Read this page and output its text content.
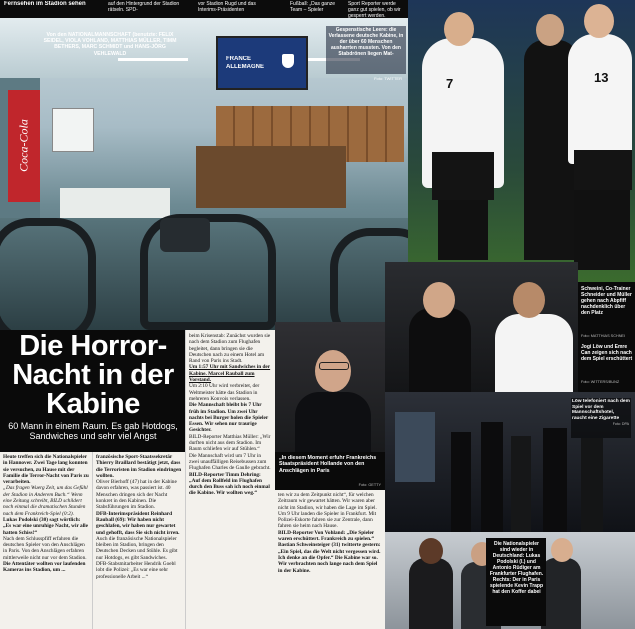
Fernsehen im Stadion sehen	auf den Hintergrund der Stadion rätseln. SPD-
vor Stadion Rugd und das Interims-Präsidenten
Fußball: „Das ganze Team – Spieler
Sport Reporter werde ganz gut spielen, ob wir gesperrt werden.
Coca-Cola
FRANCE
ALLEMAGNE
Von den NATIONALMANNSCHAFT (benutzte: FELIX SEIDEL, VIOLA VOHLAND, MATTHIAS MÜLLER, TIMM BETHERS, MARC SCHMIDT und HANS-JÖRG VEHLEWALD
7	13
Gespenstische Leere: die Verlassene deutsche Kabine, in der über 60 Menschen ausharrten mussten. Von den Stabdrönen liegen Mat-
Foto: TWITTER
Schweini, Co-Trainer Schneider und Müller gehen nach Abpfiff nachdenklich über den Platz
Foto: MATTHIAS SCHNEI
Jogi Löw und Emre Can zeigen sich nach dem Spiel erschüttert
Foto: WITTERS/BUNZ
Die Horror-Nacht in der Kabine
60 Mann in einem Raum. Es gab Hotdogs, Sandwiches und sehr viel Angst
Heute treffen sich die Nationalspieler in Hannover. Zwei Tage lang konnten sie versuchen, zu Hause mit der Familie die Terror-Nacht von Paris zu verarbeiten.
„Das fragen Wuerg Zeit, um das Gefühl der Stadion in Anderem Buch.“ Wenn eine Zeitung schreibt, BILD schildert noch einmal die dramatischen Stunden nach dem Frankreich-Spiel (0:2).
Lukas Podolski (30) sagt wörtlich: „Es war eine unruhige Nacht, wir alle hatten Schiss!“
Nach dem Schlusspfiff erfahren die deutschen Spieler von den Anschlägen in Paris. Von den Anschlägen erfahren mittlerweile nicht nur vor dem Stadion.
Die Attentäter wollten vor laufenden Kameras ins Stadion, um ...
französische Sport-Staatssekretär Thierry Braillard bestätigt jetzt, dass die Terroristen im Stadion eindringen wollten.
Oliver Bierhoff (47) hat in der Kabine davon erfahren, was passiert ist. 40 Menschen dringen sich der Nacht konkret in den Kabinen. Die Stabsführungen im Stadion.
DFB-Interimspräsident Reinhard Rauball (69): Wir haben nicht geschlafen, wir haben nur gewartet und gehofft, dass Sie sich nicht irren.
Auch die französische Nationalspieler bleiben im Stadion, bringen den Deutschen Decken und Stühle. Es gibt nur Hotdogs, es gibt Sandwiches.
DFB-Stabsmitarbeiter Hendrik Goebl lobt die Polizei: „Es war eine sehr professionelle Arbeit ...“
beim Krisenstab: Zunächst wurden sie nach dem Stadion zum Flughafen begleitet, dann bringen sie die Deutschen nach zu einem Hotel am Rand von Paris ins Stadt.
Um 1:57 Uhr mit Sandwiches in der Kabine. Marcel Rauball zum Vorstand.
Um 2:10 Uhr wird verbreitet, der Weltmeister hätte das Stadion in mehreren Konvois verlassen.
Die Mannschaft bleibt bis 7 Uhr früh im Stadion. Um zwei Uhr nachts bei Burger holen die Spieler Essen. Wir sehen nur traurige Gesichter.
BILD-Reporter Matthias Müller: „Wir durften nicht aus dem Stadion. Im Raum schliefen wir auf Stühlen.“
Die Mannschaft wird um 7 Uhr in zwei unauffälligen Reisebussen zum Flughafen Charles de Gaulle gebracht.
BILD-Reporter Timm Dehring: „Auf dem Rollfeld im Flughafen durch den Buss sah ich noch einmal die Kabine. Wir wollten weg.“
„In diesem Moment erfuhr Frankreichs Staatspräsident Hollande von den Anschlägen in Paris
Foto: GETTY
ten wir zu dem Zeitpunkt nicht“, für welchen Zeitraum wir gewartet hätten. Wir waren aber nicht im Stadion, wir haben die Lage im Spiel.
Um 9 Uhr landen die Spieler in Frankfurt. Mit Polizei-Eskorte fahren sie zur Zentrale, dann fahren sie heim nach Hause.
BILD-Reporter Von Vohland: „Die Spieler waren erschüttert. Frankreich zu spielen.“
Bastian Schweinsteiger (31) twitterte gestern: „Ein Spiel, das die Welt nicht vergessen wird. Ich denke an die Opfer.“ Die Kabine war so. Wir verbrachten noch lange nach dem Spiel in der Kabine.
Löw telefoniert nach dem Spiel vor dem Mannschaftshotel, raucht eine Zigarette
Foto: DPA
Die Nationalspieler sind wieder in Deutschland: Lukas Podolski (l.) und Antonio Rüdiger am Frankfurter Flughafen. Rechts: Der in Paris spielende Kevin Trapp hat den Koffer dabei
